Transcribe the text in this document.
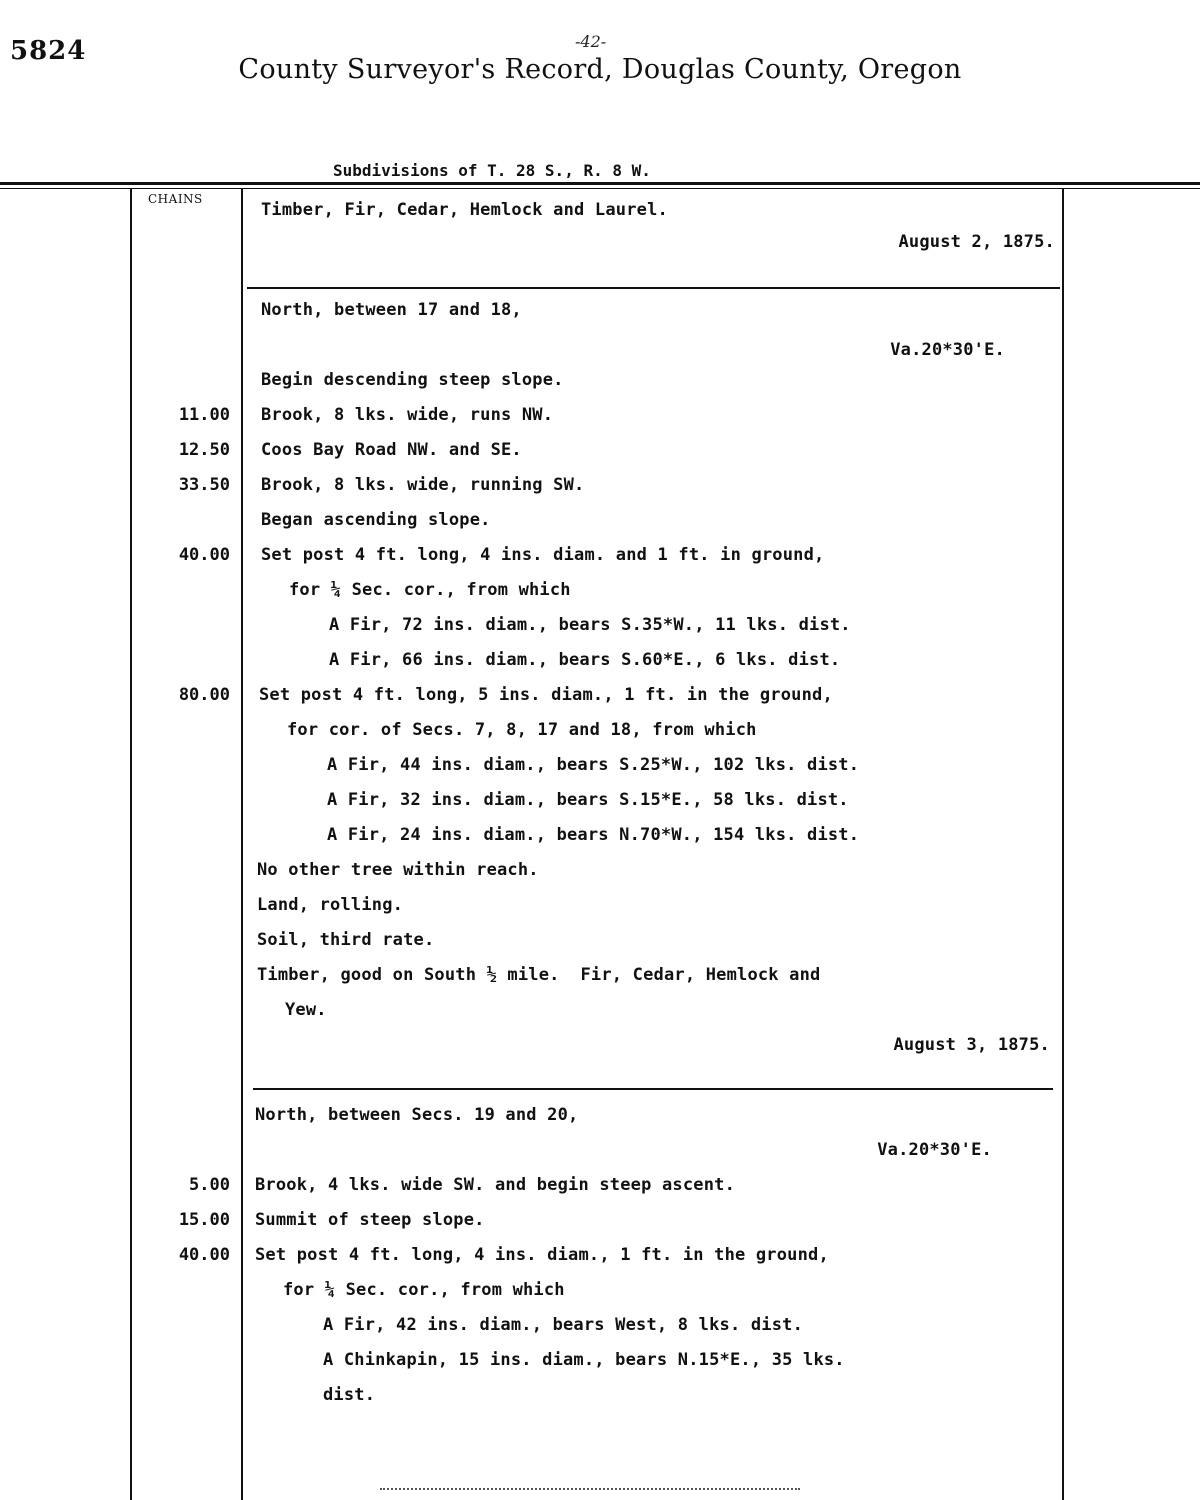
5824	-42-
County Surveyor's Record, Douglas County, Oregon
Subdivisions of T. 28 S., R. 8 W.
CHAINS
Timber, Fir, Cedar, Hemlock and Laurel.
August 2, 1875.
North, between 17 and 18,
Va.20*30'E.
Begin descending steep slope.
11.00 Brook, 8 lks. wide, runs NW.
12.50 Coos Bay Road NW. and SE.
33.50 Brook, 8 lks. wide, running SW.
Began ascending slope.
40.00 Set post 4 ft. long, 4 ins. diam. and 1 ft. in ground,
for ¼ Sec. cor., from which
A Fir, 72 ins. diam., bears S.35*W., 11 lks. dist.
A Fir, 66 ins. diam., bears S.60*E., 6 lks. dist.
80.00 Set post 4 ft. long, 5 ins. diam., 1 ft. in the ground,
for cor. of Secs. 7, 8, 17 and 18, from which
A Fir, 44 ins. diam., bears S.25*W., 102 lks. dist.
A Fir, 32 ins. diam., bears S.15*E., 58 lks. dist.
A Fir, 24 ins. diam., bears N.70*W., 154 lks. dist.
No other tree within reach.
Land, rolling.
Soil, third rate.
Timber, good on South ½ mile.  Fir, Cedar, Hemlock and
Yew.
August 3, 1875.
North, between Secs. 19 and 20,
Va.20*30'E.
5.00 Brook, 4 lks. wide SW. and begin steep ascent.
15.00 Summit of steep slope.
40.00 Set post 4 ft. long, 4 ins. diam., 1 ft. in the ground,
for ¼ Sec. cor., from which
A Fir, 42 ins. diam., bears West, 8 lks. dist.
A Chinkapin, 15 ins. diam., bears N.15*E., 35 lks.
dist.
